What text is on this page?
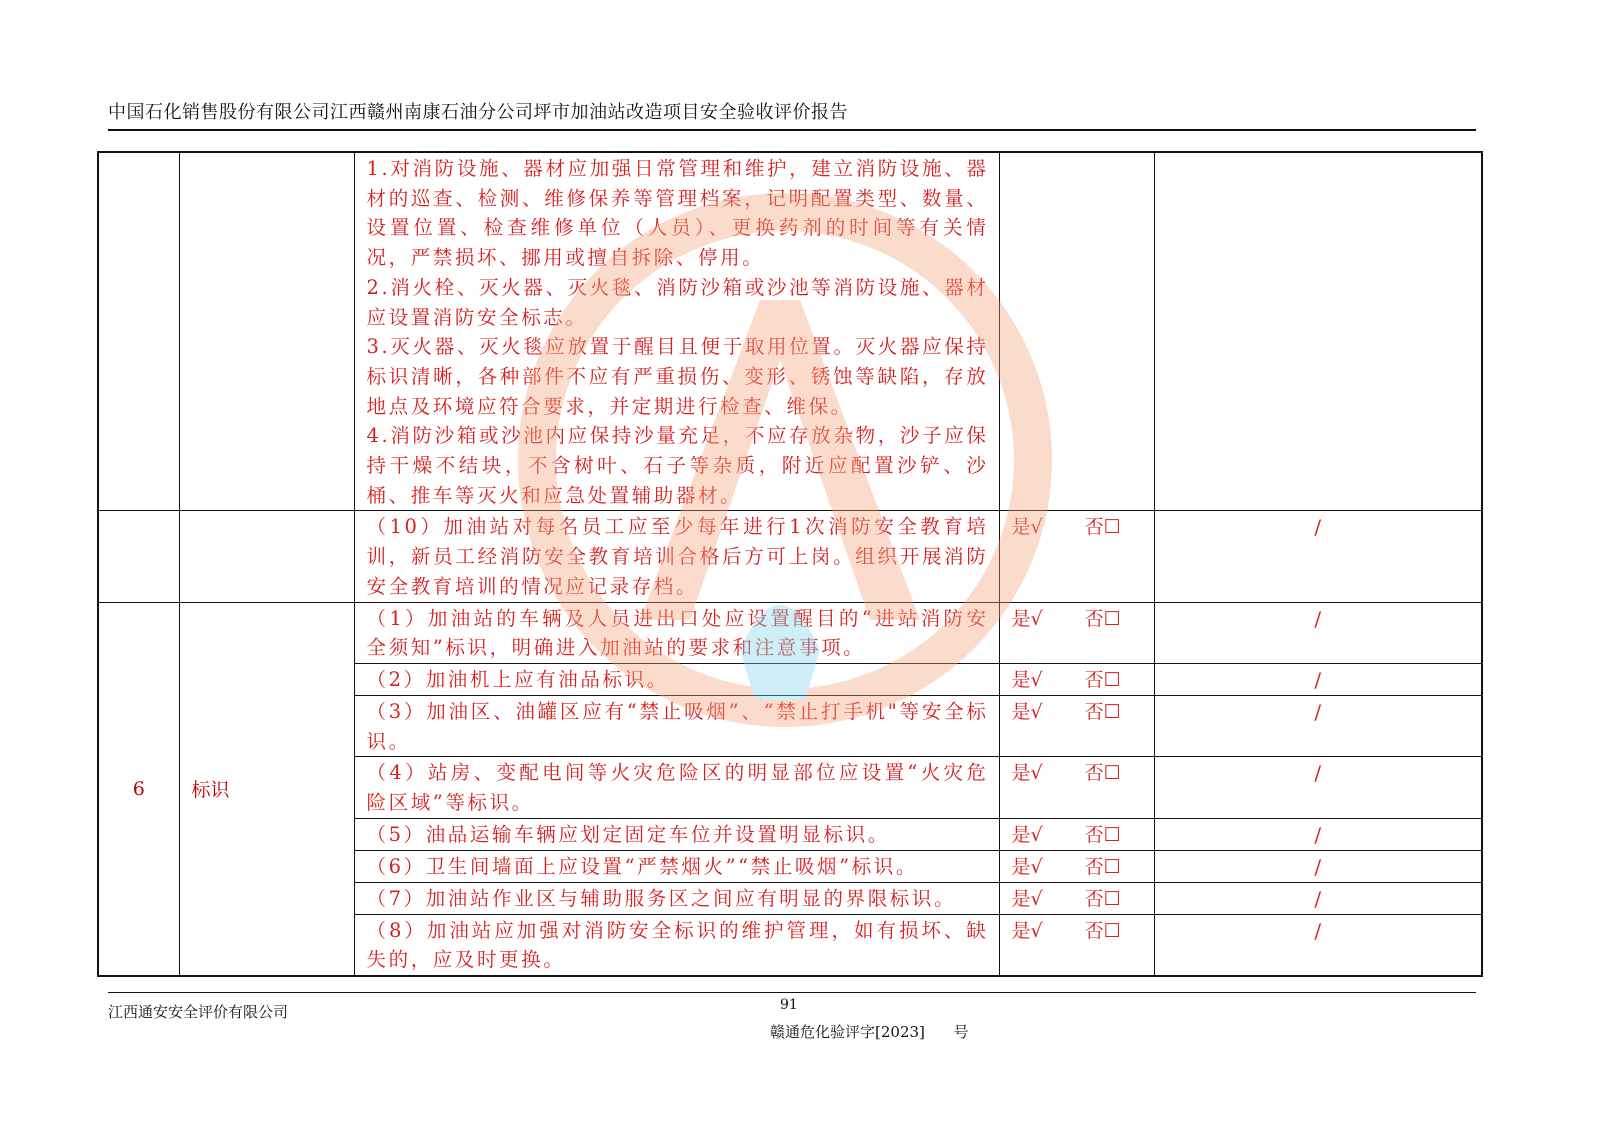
中国石化销售股份有限公司江西赣州南康石油分公司坪市加油站改造项目安全验收评价报告
		1.对消防设施、器材应加强日常管理和维护，建立消防设施、器材的巡查、检测、维修保养等管理档案，记明配置类型、数量、设置位置、检查维修单位（人员）、更换药剂的时间等有关情况，严禁损坏、挪用或擅自拆除、停用。
2.消火栓、灭火器、灭火毯、消防沙箱或沙池等消防设施、器材应设置消防安全标志。
3.灭火器、灭火毯应放置于醒目且便于取用位置。灭火器应保持标识清晰，各种部件不应有严重损伤、变形、锈蚀等缺陷，存放地点及环境应符合要求，并定期进行检查、维保。
4.消防沙箱或沙池内应保持沙量充足，不应存放杂物，沙子应保持干燥不结块，不含树叶、石子等杂质，附近应配置沙铲、沙桶、推车等灭火和应急处置辅助器材。		
		（10）加油站对每名员工应至少每年进行1次消防安全教育培训，新员工经消防安全教育培训合格后方可上岗。组织开展消防安全教育培训的情况应记录存档。	是√ 否☐	/
6	标识	（1）加油站的车辆及人员进出口处应设置醒目的“进站消防安全须知”标识，明确进入加油站的要求和注意事项。	是√ 否☐	/
		（2）加油机上应有油品标识。	是√ 否☐	/
		（3）加油区、油罐区应有“禁止吸烟”、“禁止打手机"等安全标识。	是√ 否☐	/
		（4）站房、变配电间等火灾危险区的明显部位应设置“火灾危险区域”等标识。	是√ 否☐	/
		（5）油品运输车辆应划定固定车位并设置明显标识。	是√ 否☐	/
		（6）卫生间墙面上应设置“严禁烟火”“禁止吸烟”标识。	是√ 否☐	/
		（7）加油站作业区与辅助服务区之间应有明显的界限标识。	是√ 否☐	/
		（8）加油站应加强对消防安全标识的维护管理，如有损坏、缺失的，应及时更换。	是√ 否☐	/
江西通安安全评价有限公司	91
赣通危化验评字[2023]      号
